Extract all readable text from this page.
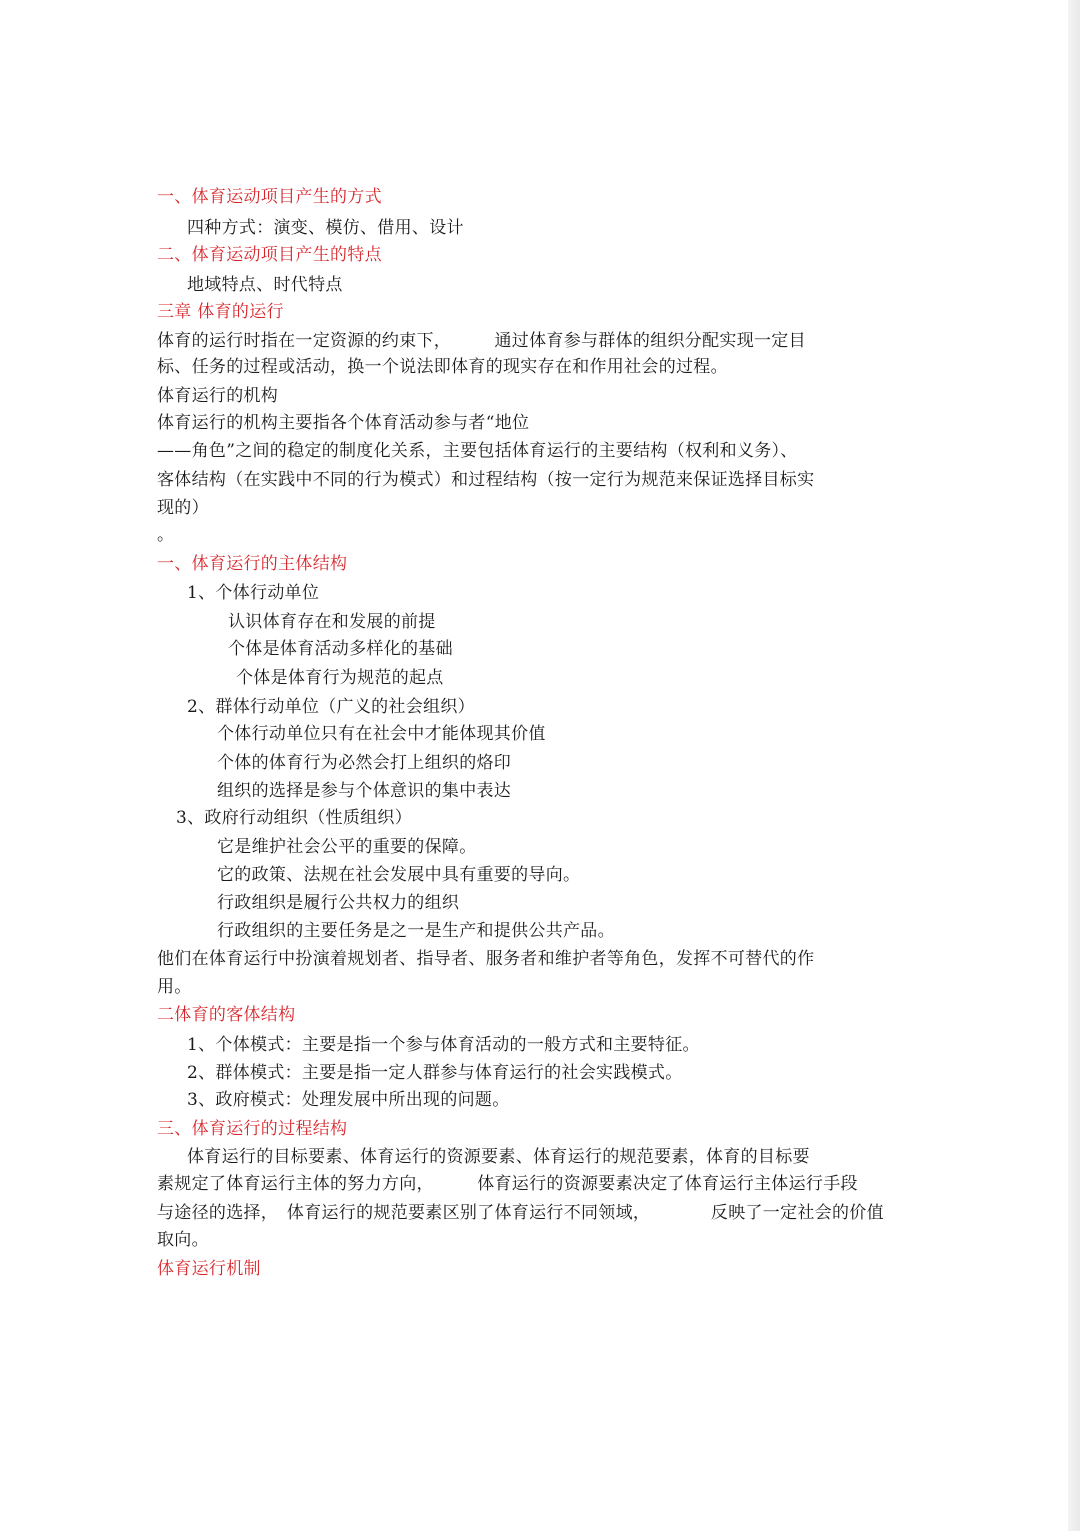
一、体育运动项目产生的方式
四种方式：演变、模仿、借用、设计
二、体育运动项目产生的特点
地域特点、时代特点
三章 体育的运行
体育的运行时指在一定资源的约束下，　　　通过体育参与群体的组织分配实现一定目
标、任务的过程或活动，换一个说法即体育的现实存在和作用社会的过程。
体育运行的机构
体育运行的机构主要指各个体育活动参与者“地位
——角色”之间的稳定的制度化关系，主要包括体育运行的主要结构（权利和义务）、
客体结构（在实践中不同的行为模式）和过程结构（按一定行为规范来保证选择目标实
现的）
。
一、体育运行的主体结构
1、个体行动单位
认识体育存在和发展的前提
个体是体育活动多样化的基础
个体是体育行为规范的起点
2、群体行动单位（广义的社会组织）
个体行动单位只有在社会中才能体现其价值
个体的体育行为必然会打上组织的烙印
组织的选择是参与个体意识的集中表达
3、政府行动组织（性质组织）
它是维护社会公平的重要的保障。
它的政策、法规在社会发展中具有重要的导向。
行政组织是履行公共权力的组织
行政组织的主要任务是之一是生产和提供公共产品。
他们在体育运行中扮演着规划者、指导者、服务者和维护者等角色，发挥不可替代的作
用。
二体育的客体结构
1、个体模式：主要是指一个参与体育活动的一般方式和主要特征。
2、群体模式：主要是指一定人群参与体育运行的社会实践模式。
3、政府模式：处理发展中所出现的问题。
三、体育运行的过程结构
体育运行的目标要素、体育运行的资源要素、体育运行的规范要素，体育的目标要
素规定了体育运行主体的努力方向，　　　体育运行的资源要素决定了体育运行主体运行手段
与途径的选择，　体育运行的规范要素区别了体育运行不同领域，　　　　反映了一定社会的价值
取向。
体育运行机制
